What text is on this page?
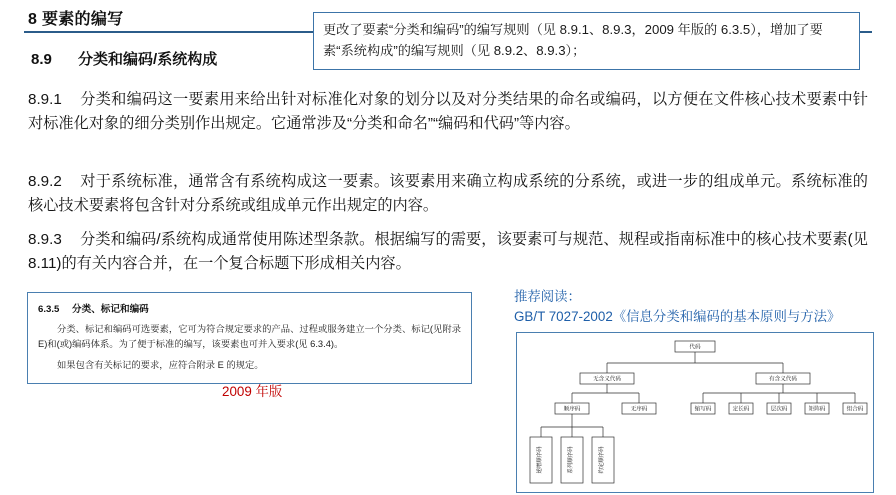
8 要素的编写
更改了要素“分类和编码”的编写规则（见 8.9.1、8.9.3，2009 年版的 6.3.5），增加了要素“系统构成”的编写规则（见 8.9.2、8.9.3）；
8.9 分类和编码/系统构成
8.9.1 分类和编码这一要素用来给出针对标准化对象的划分以及对分类结果的命名或编码，以方便在文件核心技术要素中针对标准化对象的细分类别作出规定。它通常涉及“分类和命名”“编码和代码”等内容。
8.9.2 对于系统标准，通常含有系统构成这一要素。该要素用来确立构成系统的分系统，或进一步的组成单元。系统标准的核心技术要素将包含针对分系统或组成单元作出规定的内容。
8.9.3 分类和编码/系统构成通常使用陈述型条款。根据编写的需要，该要素可与规范、规程或指南标准中的核心技术要素(见 8.11)的有关内容合并，在一个复合标题下形成相关内容。
6.3.5 分类、标记和编码
分类、标记和编码可选要素，它可为符合规定要求的产品、过程或服务建立一个分类、标记(见附录 E)和(或)编码体系。为了便于标准的编写，该要素也可并入要求(见 6.3.4)。
如果包含有关标记的要求，应符合附录 E 的规定。
2009 年版
推荐阅读：
GB/T 7027-2002《信息分类和编码的基本原则与方法》
代码
无含义代码	有含义代码
顺序码	无序码	缩写码	定长码	层次码	矩阵码	组合码
递增顺序码	系列顺序码	约定顺序码
